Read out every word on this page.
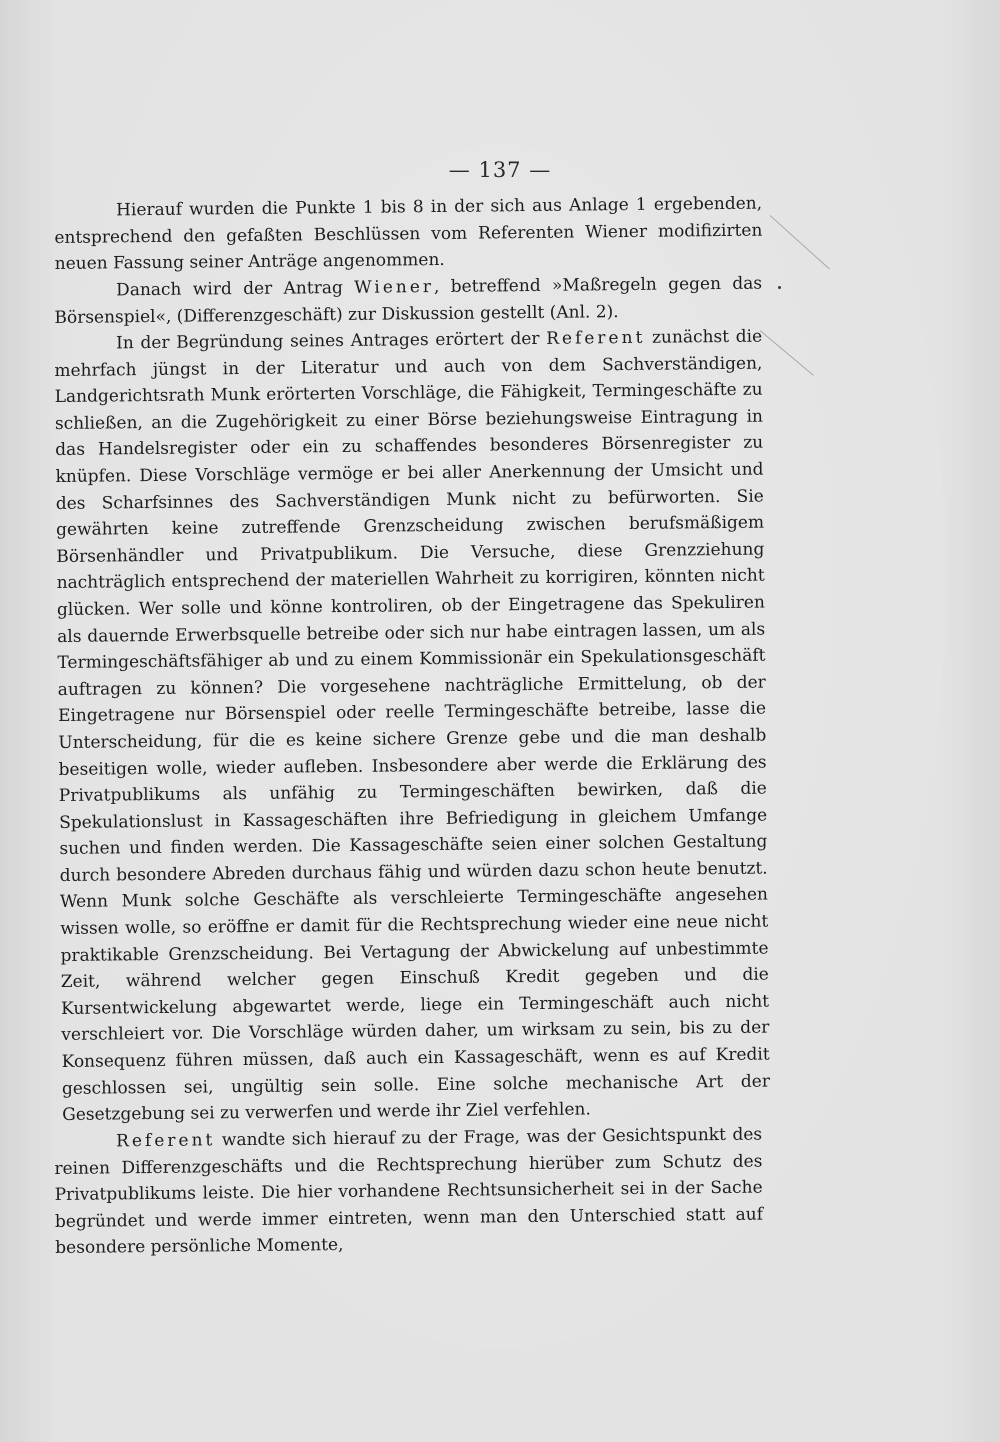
— 137 —

Hierauf wurden die Punkte 1 bis 8 in der sich aus Anlage 1 ergebenden, entsprechend den gefaßten Beschlüssen vom Referenten Wiener modifizirten neuen Fassung seiner Anträge angenommen.

Danach wird der Antrag Wiener, betreffend »Maßregeln gegen das Börsenspiel«, (Differenzgeschäft) zur Diskussion gestellt (Anl. 2).

In der Begründung seines Antrages erörtert der Referent zunächst die mehrfach jüngst in der Literatur und auch von dem Sachverständigen, Landgerichtsrath Munk erörterten Vorschläge, die Fähigkeit, Termingeschäfte zu schließen, an die Zugehörigkeit zu einer Börse beziehungsweise Eintragung in das Handelsregister oder ein zu schaffendes besonderes Börsenregister zu knüpfen. Diese Vorschläge vermöge er bei aller Anerkennung der Umsicht und des Scharfsinnes des Sachverständigen Munk nicht zu befürworten. Sie gewährten keine zutreffende Grenzscheidung zwischen berufsmäßigem Börsenhändler und Privatpublikum. Die Versuche, diese Grenzziehung nachträglich entsprechend der materiellen Wahrheit zu korrigiren, könnten nicht glücken. Wer solle und könne kontroliren, ob der Eingetragene das Spekuliren als dauernde Erwerbsquelle betreibe oder sich nur habe eintragen lassen, um als Termingeschäftsfähiger ab und zu einem Kommissionär ein Spekulationsgeschäft auftragen zu können? Die vorgesehene nachträgliche Ermittelung, ob der Eingetragene nur Börsenspiel oder reelle Termingeschäfte betreibe, lasse die Unterscheidung, für die es keine sichere Grenze gebe und die man deshalb beseitigen wolle, wieder aufleben. Insbesondere aber werde die Erklärung des Privatpublikums als unfähig zu Termingeschäften bewirken, daß die Spekulationslust in Kassageschäften ihre Befriedigung in gleichem Umfange suchen und finden werden. Die Kassageschäfte seien einer solchen Gestaltung durch besondere Abreden durchaus fähig und würden dazu schon heute benutzt. Wenn Munk solche Geschäfte als verschleierte Termingeschäfte angesehen wissen wolle, so eröffne er damit für die Rechtsprechung wieder eine neue nicht praktikable Grenzscheidung. Bei Vertagung der Abwickelung auf unbestimmte Zeit, während welcher gegen Einschuß Kredit gegeben und die Kursentwickelung abgewartet werde, liege ein Termingeschäft auch nicht verschleiert vor. Die Vorschläge würden daher, um wirksam zu sein, bis zu der Konsequenz führen müssen, daß auch ein Kassageschäft, wenn es auf Kredit geschlossen sei, ungültig sein solle. Eine solche mechanische Art der Gesetzgebung sei zu verwerfen und werde ihr Ziel verfehlen.

Referent wandte sich hierauf zu der Frage, was der Gesichtspunkt des reinen Differenzgeschäfts und die Rechtsprechung hierüber zum Schutz des Privatpublikums leiste. Die hier vorhandene Rechtsunsicherheit sei in der Sache begründet und werde immer eintreten, wenn man den Unterschied statt auf besondere persönliche Momente,
